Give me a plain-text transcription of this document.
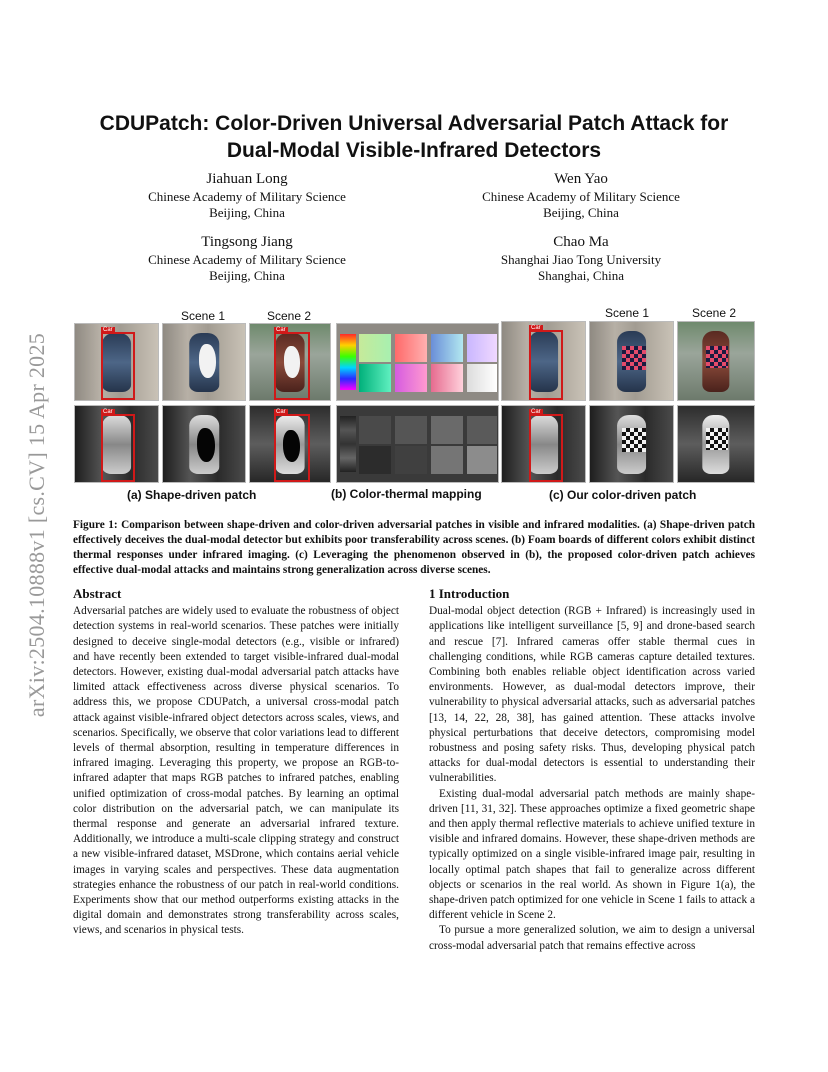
arXiv:2504.10888v1 [cs.CV] 15 Apr 2025
CDUPatch: Color-Driven Universal Adversarial Patch Attack for
Dual-Modal Visible-Infrared Detectors
Jiahuan Long
Chinese Academy of Military Science
Beijing, China
Wen Yao
Chinese Academy of Military Science
Beijing, China
Tingsong Jiang
Chinese Academy of Military Science
Beijing, China
Chao Ma
Shanghai Jiao Tong University
Shanghai, China
Scene 1	Scene 2	Scene 1	Scene 2
Car	Car
Car	Car
Car
Car
(a) Shape-driven patch	(b) Color-thermal mapping	(c) Our color-driven patch
Figure 1: Comparison between shape-driven and color-driven adversarial patches in visible and infrared modalities. (a) Shape-driven patch effectively deceives the dual-modal detector but exhibits poor transferability across scenes. (b) Foam boards of different colors exhibit distinct thermal responses under infrared imaging. (c) Leveraging the phenomenon observed in (b), the proposed color-driven patch achieves effective dual-modal attacks and maintains strong generalization across diverse scenes.
Abstract

Adversarial patches are widely used to evaluate the robustness of object detection systems in real-world scenarios. These patches were initially designed to deceive single-modal detectors (e.g., visible or infrared) and have recently been extended to target visible-infrared dual-modal detectors. However, existing dual-modal adversarial patch attacks have limited attack effectiveness across diverse physical scenarios. To address this, we propose CDUPatch, a universal cross-modal patch attack against visible-infrared object detectors across scales, views, and scenarios. Specifically, we observe that color variations lead to different levels of thermal absorption, resulting in temperature differences in infrared imaging. Leveraging this property, we propose an RGB-to-infrared adapter that maps RGB patches to infrared patches, enabling unified optimization of cross-modal patches. By learning an optimal color distribution on the adversarial patch, we can manipulate its thermal response and generate an adversarial infrared texture. Additionally, we introduce a multi-scale clipping strategy and construct a new visible-infrared dataset, MSDrone, which contains aerial vehicle images in varying scales and perspectives. These data augmentation strategies enhance the robustness of our patch in real-world conditions. Experiments show that our method outperforms existing attacks in the digital domain and demonstrates strong transferability across scales, views, and scenarios in physical tests.

1 Introduction

Dual-modal object detection (RGB + Infrared) is increasingly used in applications like intelligent surveillance [5, 9] and drone-based search and rescue [7]. Infrared cameras offer stable thermal cues in challenging conditions, while RGB cameras capture detailed textures. Combining both enables reliable object identification across varied environments. However, as dual-modal detectors improve, their vulnerability to physical adversarial attacks, such as adversarial patches [13, 14, 22, 28, 38], has gained attention. These attacks involve physical perturbations that deceive detectors, compromising model robustness and posing safety risks. Thus, developing physical patch attacks for dual-modal detectors is essential to understanding their vulnerabilities.

Existing dual-modal adversarial patch methods are mainly shape-driven [11, 31, 32]. These approaches optimize a fixed geometric shape and then apply thermal reflective materials to achieve unified texture in visible and infrared domains. However, these shape-driven methods are typically optimized on a single visible-infrared image pair, resulting in locally optimal patch shapes that fail to generalize across different objects or scenarios in the real world. As shown in Figure 1(a), the shape-driven patch optimized for one vehicle in Scene 1 fails to attack a different vehicle in Scene 2.

To pursue a more generalized solution, we aim to design a universal cross-modal adversarial patch that remains effective across
